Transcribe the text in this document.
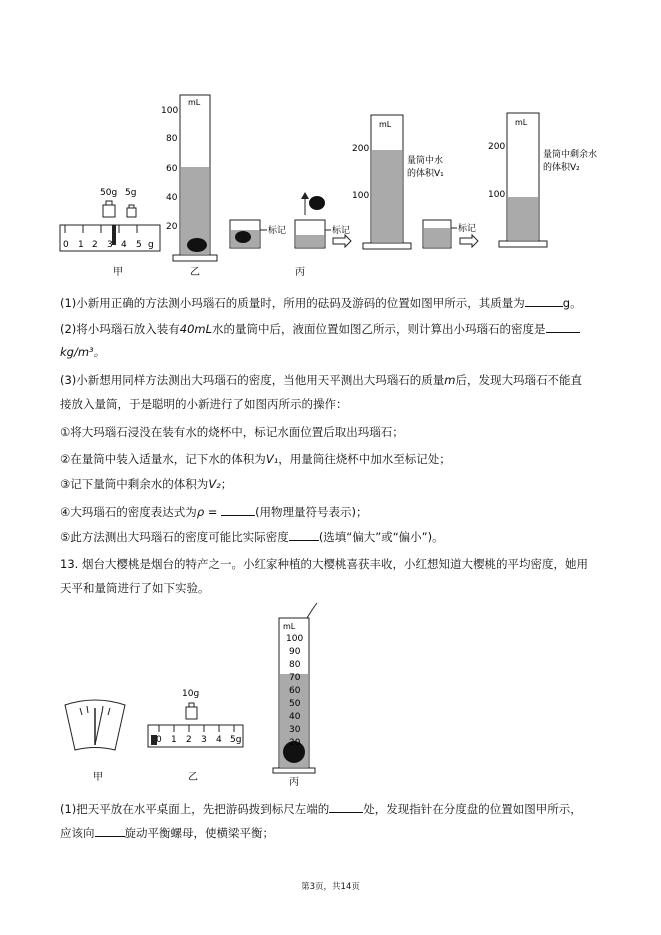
50g 5g
0 1 2 3 4 5 g
甲
mL
100
80
60
40
20
乙
标记	标记
丙
mL
200
100
量筒中水 的体积V₁
标记
mL
200
100
量筒中剩余水 的体积V₂
(1)小新用正确的方法测小玛瑙石的质量时，所用的砝码及游码的位置如图甲所示，其质量为	g。
(2)将小玛瑙石放入装有40mL水的量筒中后，液面位置如图乙所示，则计算出小玛瑙石的密度是
kg/m³。
(3)小新想用同样方法测出大玛瑙石的密度，当他用天平测出大玛瑙石的质量m后，发现大玛瑙石不能直
接放入量筒，于是聪明的小新进行了如图丙所示的操作：
①将大玛瑙石浸没在装有水的烧杯中，标记水面位置后取出玛瑙石；
②在量筒中装入适量水，记下水的体积为V₁，用量筒往烧杯中加水至标记处；
③记下量筒中剩余水的体积为V₂；
④大玛瑙石的密度表达式为ρ =	(用物理量符号表示)；
⑤此方法测出大玛瑙石的密度可能比实际密度	(选填“偏大”或“偏小”)。
13. 烟台大樱桃是烟台的特产之一。小红家种植的大樱桃喜获丰收，小红想知道大樱桃的平均密度，她用
天平和量筒进行了如下实验。
甲
10g
0 1 2 3 4 5g
乙
mL
100
90
80
70
60
50
40
30
20
丙
(1)把天平放在水平桌面上，先把游码拨到标尺左端的	处，发现指针在分度盘的位置如图甲所示，
应该向	旋动平衡螺母，使横梁平衡；
第3页，共14页
